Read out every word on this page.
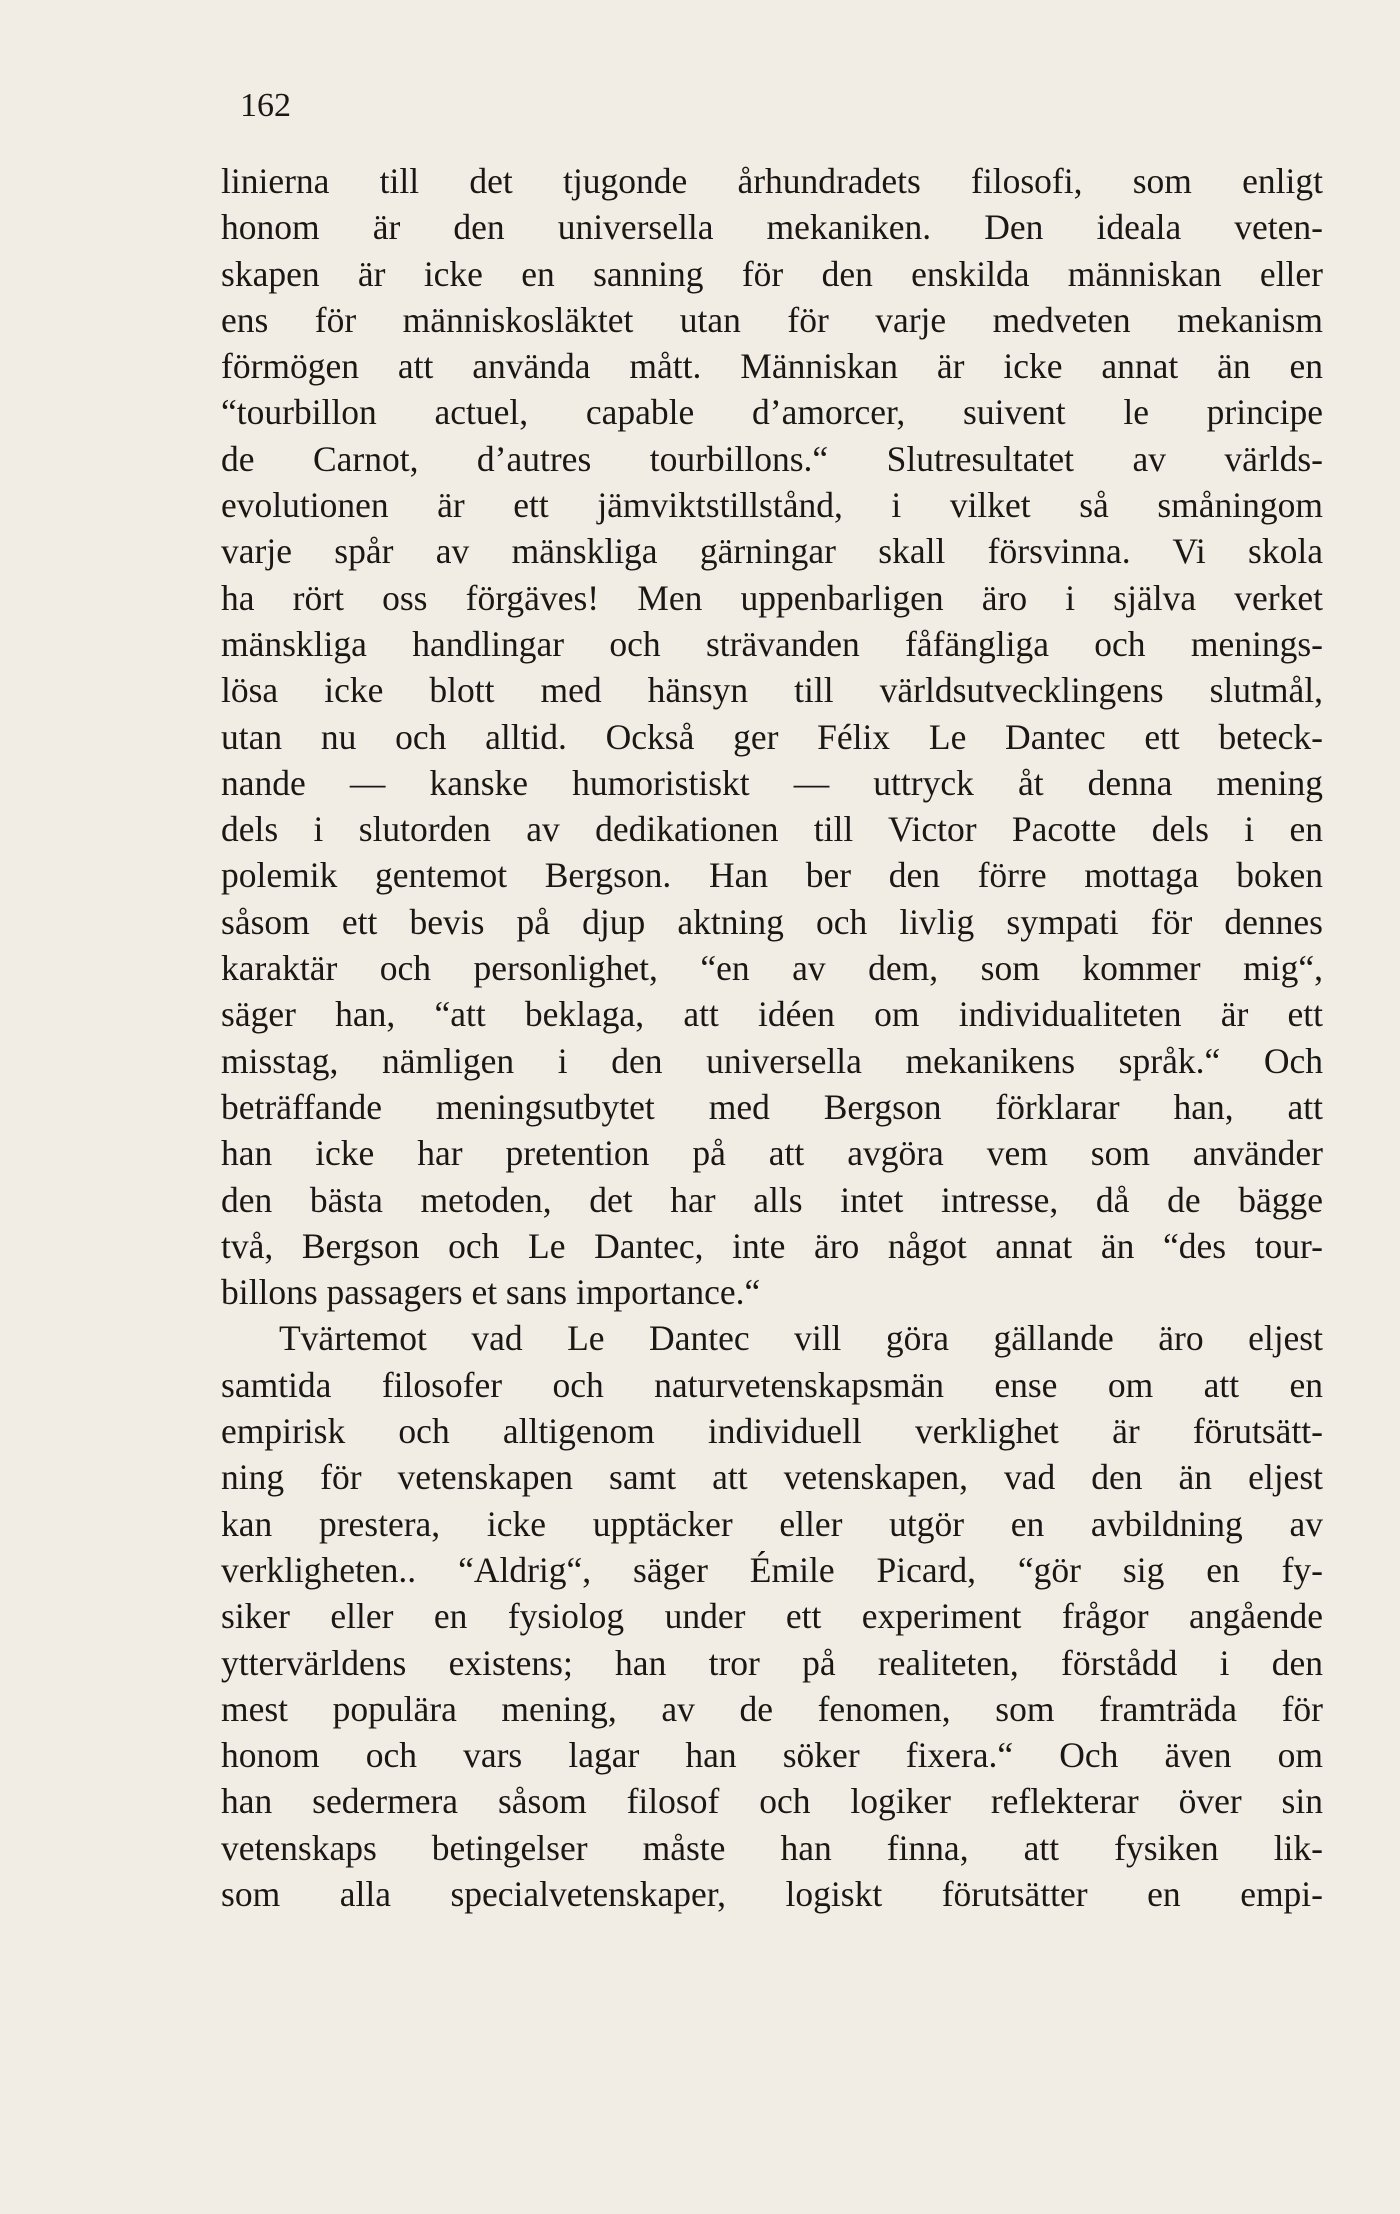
162
linierna till det tjugonde århundradets filosofi, som enligt
honom är den universella mekaniken. Den ideala veten-
skapen är icke en sanning för den enskilda människan eller
ens för människosläktet utan för varje medveten mekanism
förmögen att använda mått. Människan är icke annat än en
“tourbillon actuel, capable d’amorcer, suivent le principe
de Carnot, d’autres tourbillons.“ Slutresultatet av världs-
evolutionen är ett jämviktstillstånd, i vilket så småningom
varje spår av mänskliga gärningar skall försvinna. Vi skola
ha rört oss förgäves! Men uppenbarligen äro i själva verket
mänskliga handlingar och strävanden fåfängliga och menings-
lösa icke blott med hänsyn till världsutvecklingens slutmål,
utan nu och alltid. Också ger Félix Le Dantec ett beteck-
nande — kanske humoristiskt — uttryck åt denna mening
dels i slutorden av dedikationen till Victor Pacotte dels i en
polemik gentemot Bergson. Han ber den förre mottaga boken
såsom ett bevis på djup aktning och livlig sympati för dennes
karaktär och personlighet, “en av dem, som kommer mig“,
säger han, “att beklaga, att idéen om individualiteten är ett
misstag, nämligen i den universella mekanikens språk.“ Och
beträffande meningsutbytet med Bergson förklarar han, att
han icke har pretention på att avgöra vem som använder
den bästa metoden, det har alls intet intresse, då de bägge
två, Bergson och Le Dantec, inte äro något annat än “des tour-
billons passagers et sans importance.“
Tvärtemot vad Le Dantec vill göra gällande äro eljest
samtida filosofer och naturvetenskapsmän ense om att en
empirisk och alltigenom individuell verklighet är förutsätt-
ning för vetenskapen samt att vetenskapen, vad den än eljest
kan prestera, icke upptäcker eller utgör en avbildning av
verkligheten.. “Aldrig“, säger Émile Picard, “gör sig en fy-
siker eller en fysiolog under ett experiment frågor angående
yttervärldens existens; han tror på realiteten, förstådd i den
mest populära mening, av de fenomen, som framträda för
honom och vars lagar han söker fixera.“ Och även om
han sedermera såsom filosof och logiker reflekterar över sin
vetenskaps betingelser måste han finna, att fysiken lik-
som alla specialvetenskaper, logiskt förutsätter en empi-
